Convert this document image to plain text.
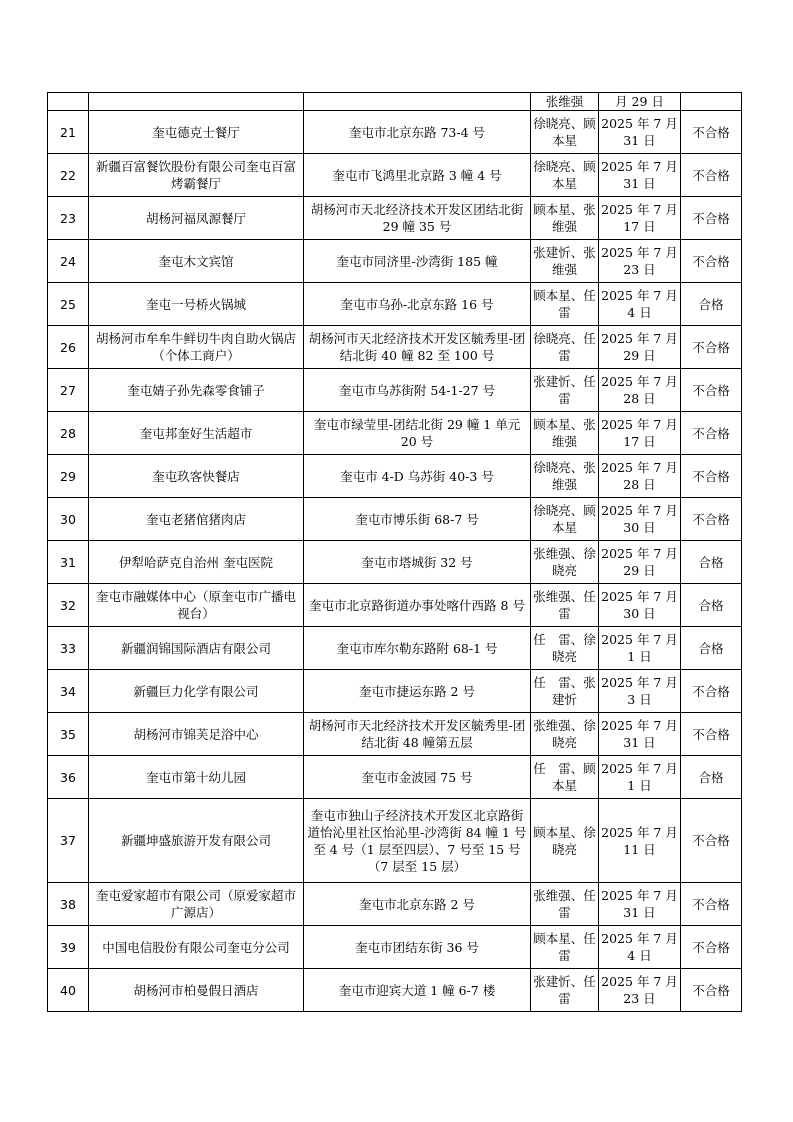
			张维强	月 29 日	
21	奎屯德克士餐厅	奎屯市北京东路 73-4 号	徐晓亮、顾本星	2025 年 7 月 31 日	不合格
22	新疆百富餐饮股份有限公司奎屯百富烤霸餐厅	奎屯市飞鸿里北京路 3 幢 4 号	徐晓亮、顾本星	2025 年 7 月 31 日	不合格
23	胡杨河福凤源餐厅	胡杨河市天北经济技术开发区团结北街 29 幢 35 号	顾本星、张维强	2025 年 7 月 17 日	不合格
24	奎屯木文宾馆	奎屯市同济里-沙湾街 185 幢	张建忻、张维强	2025 年 7 月 23 日	不合格
25	奎屯一号桥火锅城	奎屯市乌孙-北京东路 16 号	顾本星、任　雷	2025 年 7 月 4 日	合格
26	胡杨河市牟牟牛鲜切牛肉自助火锅店（个体工商户）	胡杨河市天北经济技术开发区毓秀里-团结北街 40 幢 82 至 100 号	徐晓亮、任　雷	2025 年 7 月 29 日	不合格
27	奎屯婧子孙先森零食铺子	奎屯市乌苏街附 54-1-27 号	张建忻、任　雷	2025 年 7 月 28 日	不合格
28	奎屯邦奎好生活超市	奎屯市绿莹里-团结北街 29 幢 1 单元 20 号	顾本星、张维强	2025 年 7 月 17 日	不合格
29	奎屯玖客快餐店	奎屯市 4-D 乌苏街 40-3 号	徐晓亮、张维强	2025 年 7 月 28 日	不合格
30	奎屯老猪倌猪肉店	奎屯市博乐街 68-7 号	徐晓亮、顾本星	2025 年 7 月 30 日	不合格
31	伊犁哈萨克自治州 奎屯医院	奎屯市塔城街 32 号	张维强、徐晓亮	2025 年 7 月 29 日	合格
32	奎屯市融媒体中心（原奎屯市广播电视台）	奎屯市北京路街道办事处喀什西路 8 号	张维强、任　雷	2025 年 7 月 30 日	合格
33	新疆润锦国际酒店有限公司	奎屯市库尔勒东路附 68-1 号	任　雷、徐晓亮	2025 年 7 月 1 日	合格
34	新疆巨力化学有限公司	奎屯市捷运东路 2 号	任　雷、张建忻	2025 年 7 月 3 日	不合格
35	胡杨河市锦芙足浴中心	胡杨河市天北经济技术开发区毓秀里-团结北街 48 幢第五层	张维强、徐晓亮	2025 年 7 月 31 日	不合格
36	奎屯市第十幼儿园	奎屯市金波园 75 号	任　雷、顾本星	2025 年 7 月 1 日	合格
37	新疆坤盛旅游开发有限公司	奎屯市独山子经济技术开发区北京路街道怡沁里社区怡沁里-沙湾街 84 幢 1 号至 4 号（1 层至四层）、7 号至 15 号（7 层至 15 层）	顾本星、徐晓亮	2025 年 7 月 11 日	不合格
38	奎屯爱家超市有限公司（原爱家超市广源店）	奎屯市北京东路 2 号	张维强、任　雷	2025 年 7 月 31 日	不合格
39	中国电信股份有限公司奎屯分公司	奎屯市团结东街 36 号	顾本星、任　雷	2025 年 7 月 4 日	不合格
40	胡杨河市柏曼假日酒店	奎屯市迎宾大道 1 幢 6-7 楼	张建忻、任　雷	2025 年 7 月 23 日	不合格
